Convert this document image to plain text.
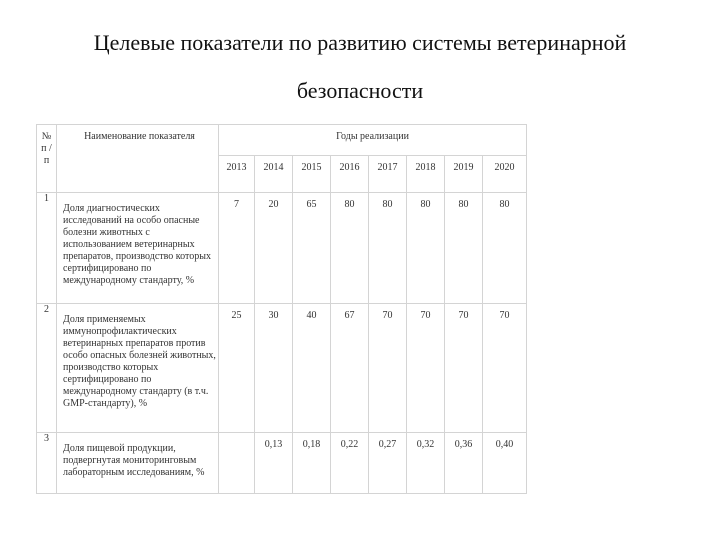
Целевые показатели по развитию системы ветеринарной
безопасности
№ п / п	Наименование показателя	Годы реализации							
		2013	2014	2015	2016	2017	2018	2019	2020
1	Доля диагностических исследований на особо опасные болезни животных с использованием ветеринарных препаратов, производство которых сертифицировано по международному стандарту, %	7	20	65	80	80	80	80	80
2	Доля применяемых иммунопрофилактических ветеринарных препаратов против особо опасных болезней животных, производство которых сертифицировано по международному стандарту (в т.ч. GMP-стандарту), %	25	30	40	67	70	70	70	70
3	Доля пищевой продукции, подвергнутая мониторинговым лабораторным исследованиям, %		0,13	0,18	0,22	0,27	0,32	0,36	0,40
